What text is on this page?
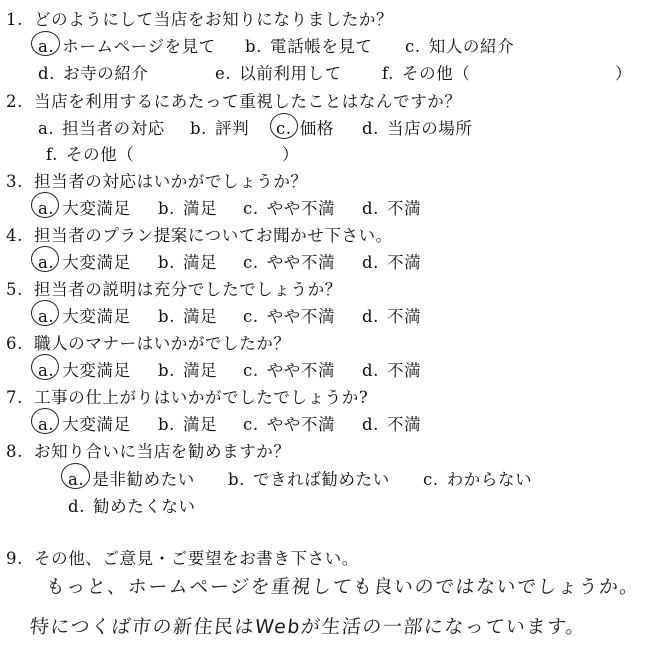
1. どのようにして当店をお知りになりましたか？
a. ホームページを見て b. 電話帳を見て c. 知人の紹介
d. お寺の紹介	e. 以前利用して f. その他（	）
2. 当店を利用するにあたって重視したことはなんですか？
a. 担当者の対応 b. 評判 c. 価格 d. 当店の場所
f. その他（	）
3. 担当者の対応はいかがでしょうか？
a. 大変満足 b. 満足 c. やや不満 d. 不満
4. 担当者のプラン提案についてお聞かせ下さい。
a. 大変満足 b. 満足 c. やや不満 d. 不満
5. 担当者の説明は充分でしたでしょうか？
a. 大変満足 b. 満足 c. やや不満 d. 不満
6. 職人のマナーはいかがでしたか？
a. 大変満足 b. 満足 c. やや不満 d. 不満
7. 工事の仕上がりはいかがでしたでしょうか?
a. 大変満足 b. 満足 c. やや不満 d. 不満
8. お知り合いに当店を勧めますか？
a. 是非勧めたい b. できれば勧めたい c. わからない
d. 勧めたくない
9. その他、ご意見・ご要望をお書き下さい。
もっと、ホームページを重視しても良いのではないでしょうか。
特につくば市の新住民はWebが生活の一部になっています。
